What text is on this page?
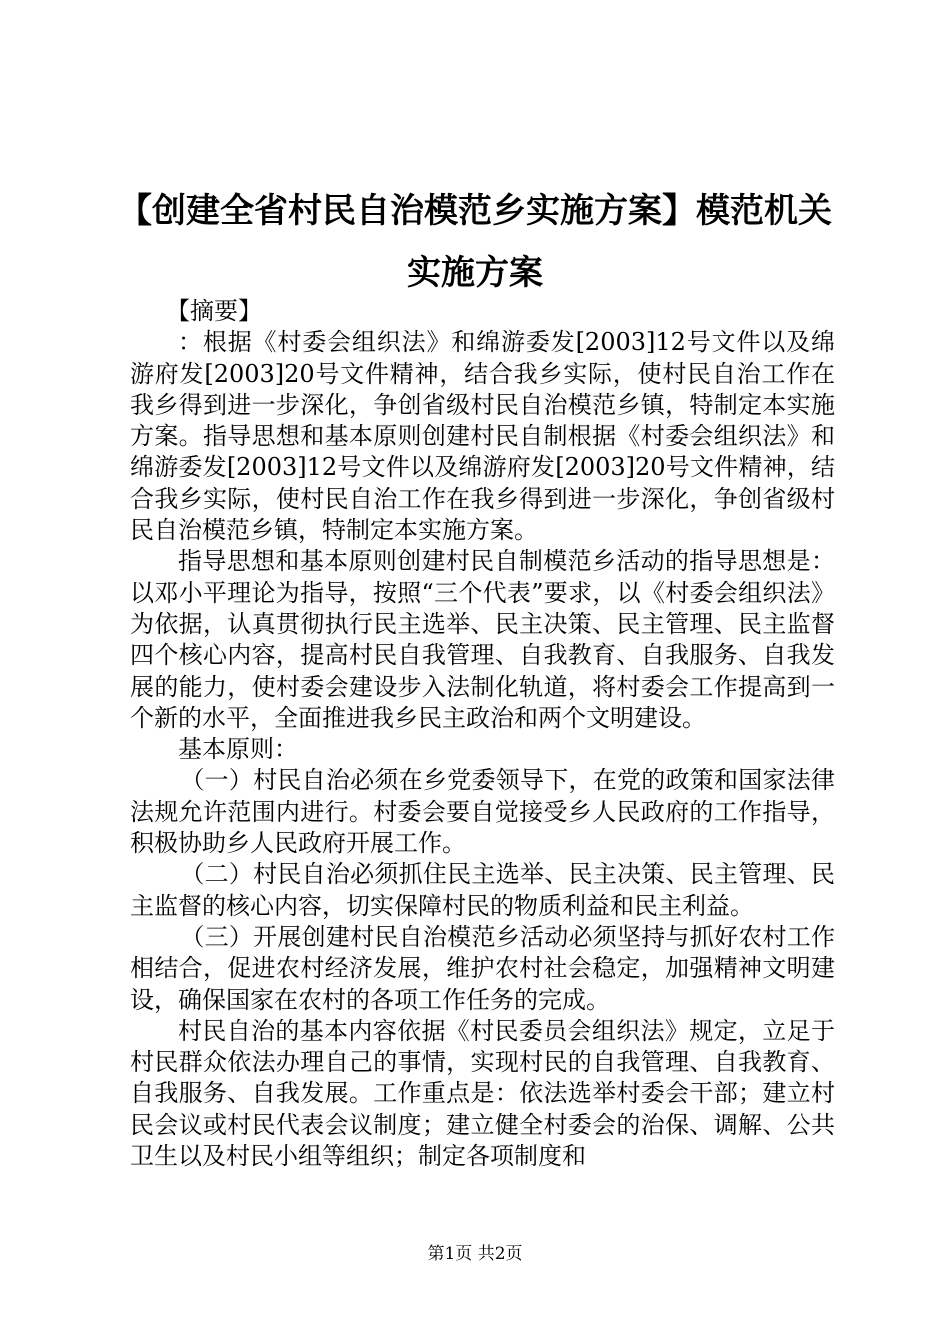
【创建全省村民自治模范乡实施方案】模范机关实施方案

【摘要】

：根据《村委会组织法》和绵游委发[2003]12号文件以及绵游府发[2003]20号文件精神，结合我乡实际，使村民自治工作在我乡得到进一步深化，争创省级村民自治模范乡镇，特制定本实施方案。指导思想和基本原则创建村民自制根据《村委会组织法》和绵游委发[2003]12号文件以及绵游府发[2003]20号文件精神，结合我乡实际，使村民自治工作在我乡得到进一步深化，争创省级村民自治模范乡镇，特制定本实施方案。

指导思想和基本原则创建村民自制模范乡活动的指导思想是：以邓小平理论为指导，按照“三个代表”要求，以《村委会组织法》为依据，认真贯彻执行民主选举、民主决策、民主管理、民主监督四个核心内容，提高村民自我管理、自我教育、自我服务、自我发展的能力，使村委会建设步入法制化轨道，将村委会工作提高到一个新的水平，全面推进我乡民主政治和两个文明建设。

基本原则：

（一）村民自治必须在乡党委领导下，在党的政策和国家法律法规允许范围内进行。村委会要自觉接受乡人民政府的工作指导，积极协助乡人民政府开展工作。

（二）村民自治必须抓住民主选举、民主决策、民主管理、民主监督的核心内容，切实保障村民的物质利益和民主利益。

（三）开展创建村民自治模范乡活动必须坚持与抓好农村工作相结合，促进农村经济发展，维护农村社会稳定，加强精神文明建设，确保国家在农村的各项工作任务的完成。

村民自治的基本内容依据《村民委员会组织法》规定，立足于村民群众依法办理自己的事情，实现村民的自我管理、自我教育、自我服务、自我发展。工作重点是：依法选举村委会干部；建立村民会议或村民代表会议制度；建立健全村委会的治保、调解、公共卫生以及村民小组等组织；制定各项制度和

第1页 共2页
